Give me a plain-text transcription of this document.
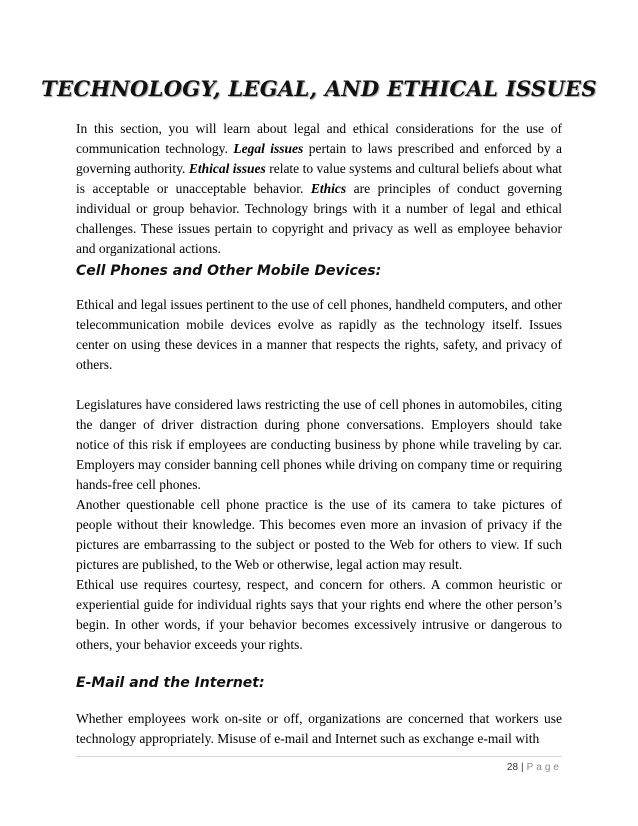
TECHNOLOGY, LEGAL, AND ETHICAL ISSUES

In this section, you will learn about legal and ethical considerations for the use of communication technology. Legal issues pertain to laws prescribed and enforced by a governing authority. Ethical issues relate to value systems and cultural beliefs about what is acceptable or unacceptable behavior. Ethics are principles of conduct governing individual or group behavior. Technology brings with it a number of legal and ethical challenges. These issues pertain to copyright and privacy as well as employee behavior and organizational actions.

Cell Phones and Other Mobile Devices:

Ethical and legal issues pertinent to the use of cell phones, handheld computers, and other telecommunication mobile devices evolve as rapidly as the technology itself. Issues center on using these devices in a manner that respects the rights, safety, and privacy of others.

Legislatures have considered laws restricting the use of cell phones in automobiles, citing the danger of driver distraction during phone conversations. Employers should take notice of this risk if employees are conducting business by phone while traveling by car. Employers may consider banning cell phones while driving on company time or requiring hands-free cell phones.

Another questionable cell phone practice is the use of its camera to take pictures of people without their knowledge. This becomes even more an invasion of privacy if the pictures are embarrassing to the subject or posted to the Web for others to view. If such pictures are published, to the Web or otherwise, legal action may result.

Ethical use requires courtesy, respect, and concern for others. A common heuristic or experiential guide for individual rights says that your rights end where the other person’s begin. In other words, if your behavior becomes excessively intrusive or dangerous to others, your behavior exceeds your rights.

E-Mail and the Internet:

Whether employees work on-site or off, organizations are concerned that workers use technology appropriately. Misuse of e-mail and Internet such as exchange e-mail with

28 | Page
